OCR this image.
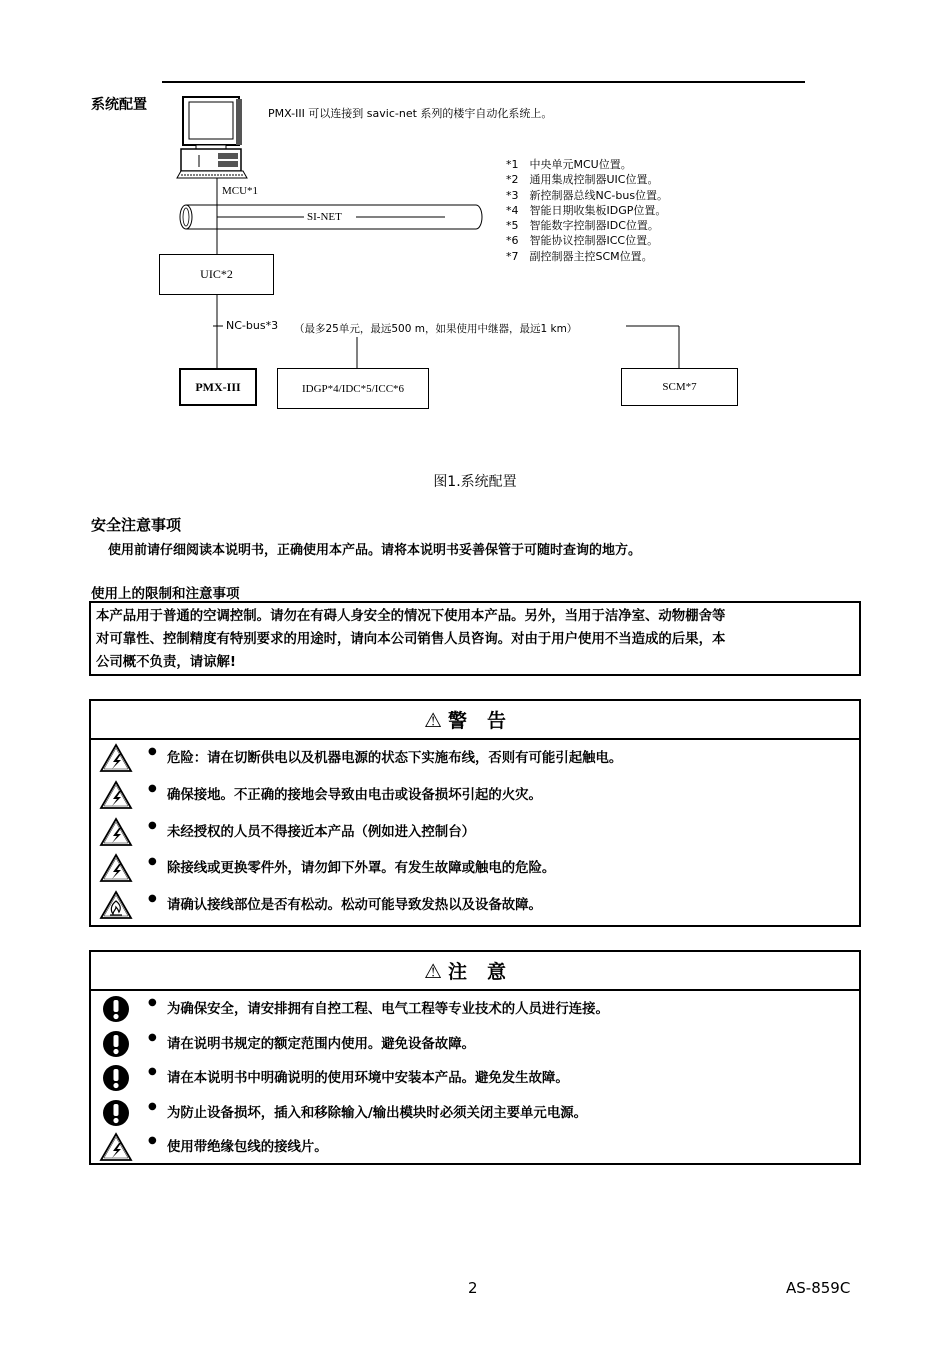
系统配置
PMX-III 可以连接到 savic-net 系列的楼宇自动化系统上。
MCU*1
SI-NET
UIC*2
NC-bus*3 （最多25单元，最远500 m，如果使用中继器，最远1 km）
PMX-III	IDGP*4/IDC*5/ICC*6	SCM*7
*1　中央单元MCU位置。
*2　通用集成控制器UIC位置。
*3　新控制器总线NC-bus位置。
*4　智能日期收集板IDGP位置。
*5　智能数字控制器IDC位置。
*6　智能协议控制器ICC位置。
*7　副控制器主控SCM位置。
图1.系统配置
安全注意事项
使用前请仔细阅读本说明书，正确使用本产品。请将本说明书妥善保管于可随时查询的地方。
使用上的限制和注意事项
本产品用于普通的空调控制。请勿在有碍人身安全的情况下使用本产品。另外，当用于洁净室、动物棚舍等
对可靠性、控制精度有特别要求的用途时，请向本公司销售人员咨询。对由于用户使用不当造成的后果，本
公司概不负责，请谅解!
⚠ 警告
● 危险：请在切断供电以及机器电源的状态下实施布线，否则有可能引起触电。
● 确保接地。不正确的接地会导致由电击或设备损坏引起的火灾。
● 未经授权的人员不得接近本产品（例如进入控制台）
● 除接线或更换零件外，请勿卸下外罩。有发生故障或触电的危险。
● 请确认接线部位是否有松动。松动可能导致发热以及设备故障。
⚠ 注意
● 为确保安全，请安排拥有自控工程、电气工程等专业技术的人员进行连接。
● 请在说明书规定的额定范围内使用。避免设备故障。
● 请在本说明书中明确说明的使用环境中安装本产品。避免发生故障。
● 为防止设备损坏，插入和移除输入/输出模块时必须关闭主要单元电源。
● 使用带绝缘包线的接线片。
2	AS-859C
